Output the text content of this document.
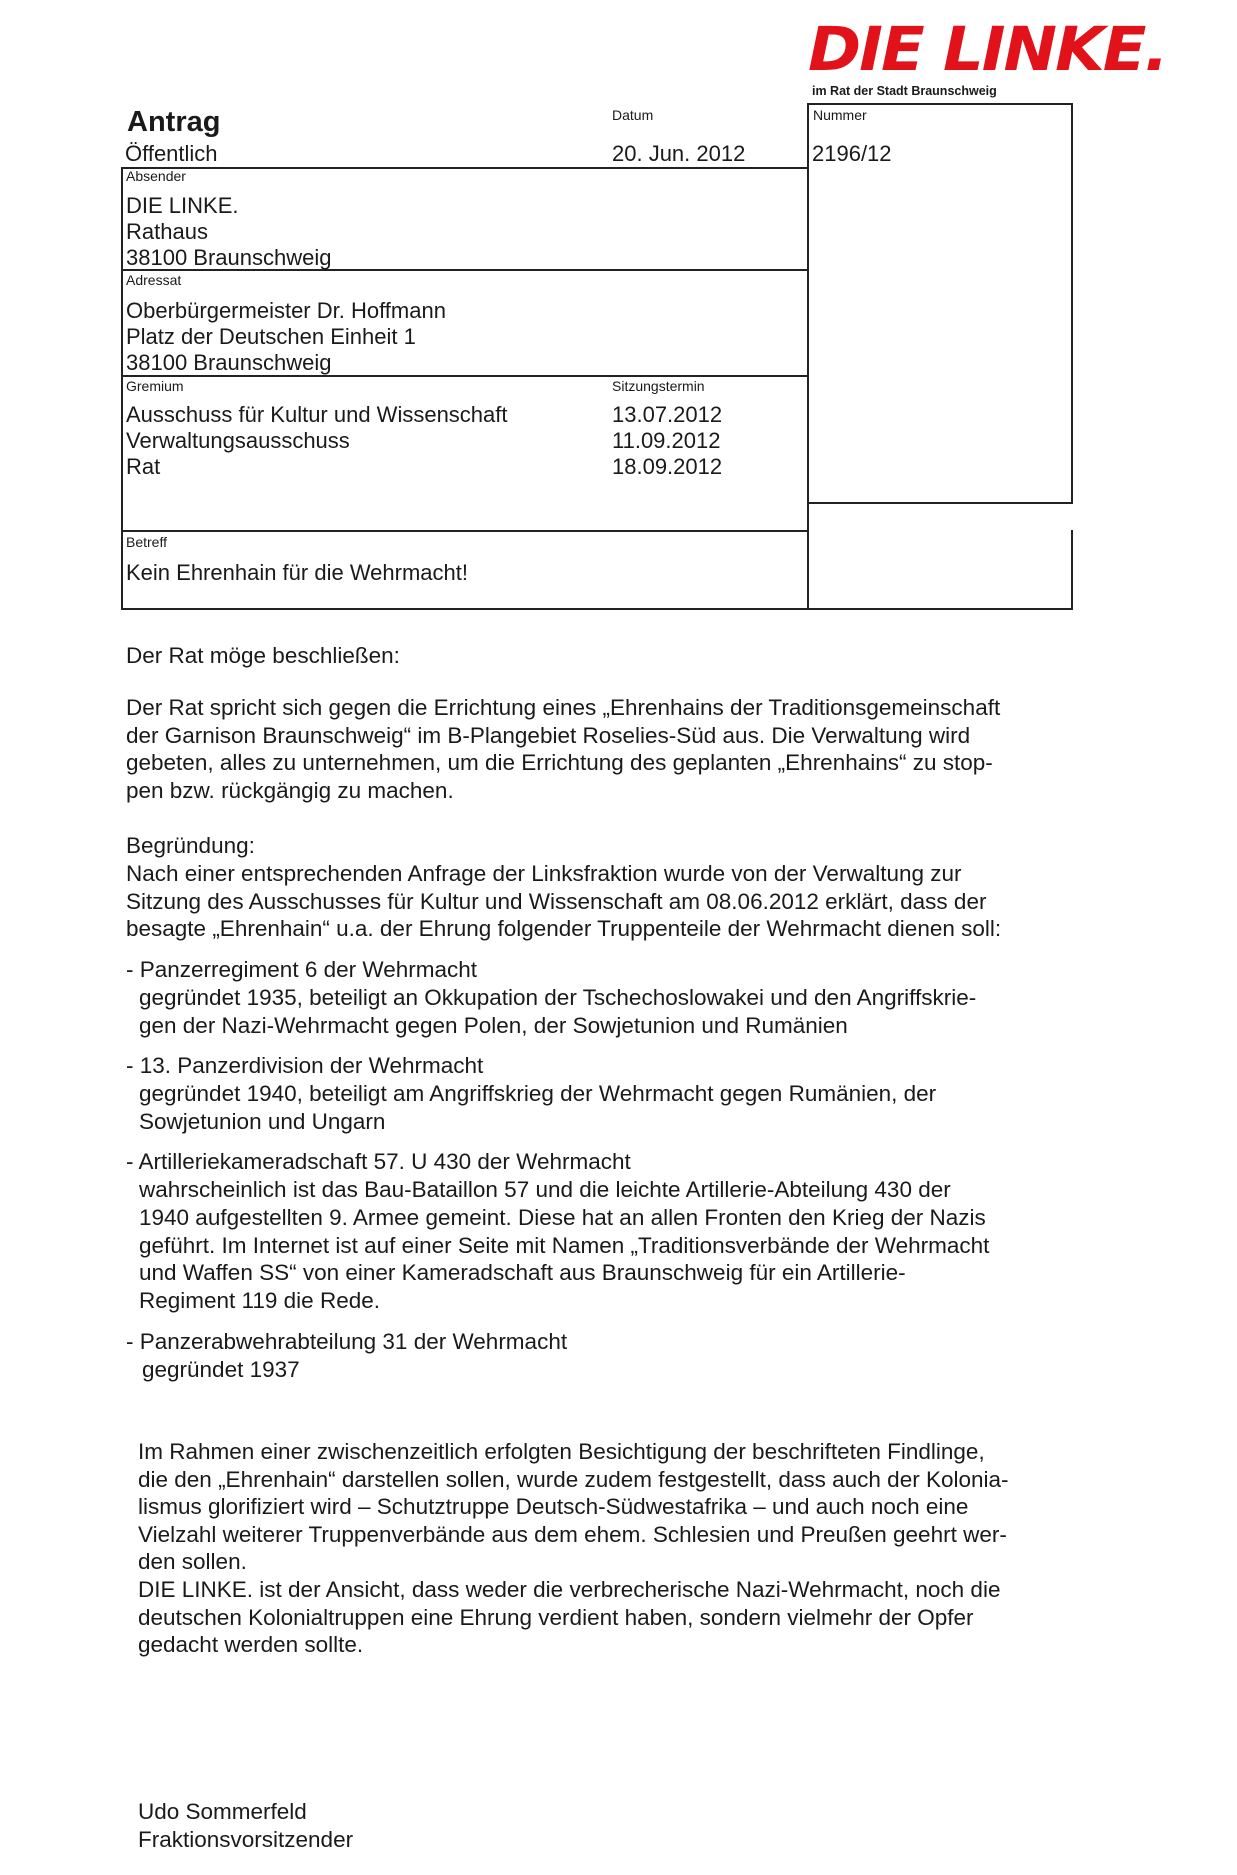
DIE LINKE.
im Rat der Stadt Braunschweig
Antrag
Öffentlich
Datum
20. Jun. 2012
Nummer
2196/12
Absender
DIE LINKE.
Rathaus
38100 Braunschweig
Adressat
Oberbürgermeister Dr. Hoffmann
Platz der Deutschen Einheit 1
38100 Braunschweig
Gremium	Sitzungstermin
Ausschuss für Kultur und Wissenschaft	13.07.2012
Verwaltungsausschuss	11.09.2012
Rat	18.09.2012
Betreff
Kein Ehrenhain für die Wehrmacht!
Der Rat möge beschließen:
Der Rat spricht sich gegen die Errichtung eines „Ehrenhains der Traditionsgemeinschaft
der Garnison Braunschweig“ im B-Plangebiet Roselies-Süd aus. Die Verwaltung wird
gebeten, alles zu unternehmen, um die Errichtung des geplanten „Ehrenhains“ zu stop-
pen bzw. rückgängig zu machen.
Begründung:
Nach einer entsprechenden Anfrage der Linksfraktion wurde von der Verwaltung zur
Sitzung des Ausschusses für Kultur und Wissenschaft am 08.06.2012 erklärt, dass der
besagte „Ehrenhain“ u.a. der Ehrung folgender Truppenteile der Wehrmacht dienen soll:
- Panzerregiment 6 der Wehrmacht
gegründet 1935, beteiligt an Okkupation der Tschechoslowakei und den Angriffskrie-
gen der Nazi-Wehrmacht gegen Polen, der Sowjetunion und Rumänien
- 13. Panzerdivision der Wehrmacht
gegründet 1940, beteiligt am Angriffskrieg der Wehrmacht gegen Rumänien, der
Sowjetunion und Ungarn
- Artilleriekameradschaft 57. U 430 der Wehrmacht
wahrscheinlich ist das Bau-Bataillon 57 und die leichte Artillerie-Abteilung 430 der
1940 aufgestellten 9. Armee gemeint. Diese hat an allen Fronten den Krieg der Nazis
geführt. Im Internet ist auf einer Seite mit Namen „Traditionsverbände der Wehrmacht
und Waffen SS“ von einer Kameradschaft aus Braunschweig für ein Artillerie-
Regiment 119 die Rede.
- Panzerabwehrabteilung 31 der Wehrmacht
gegründet 1937
Im Rahmen einer zwischenzeitlich erfolgten Besichtigung der beschrifteten Findlinge,
die den „Ehrenhain“ darstellen sollen, wurde zudem festgestellt, dass auch der Kolonia-
lismus glorifiziert wird – Schutztruppe Deutsch-Südwestafrika – und auch noch eine
Vielzahl weiterer Truppenverbände aus dem ehem. Schlesien und Preußen geehrt wer-
den sollen.
DIE LINKE. ist der Ansicht, dass weder die verbrecherische Nazi-Wehrmacht, noch die
deutschen Kolonialtruppen eine Ehrung verdient haben, sondern vielmehr der Opfer
gedacht werden sollte.
Udo Sommerfeld
Fraktionsvorsitzender
